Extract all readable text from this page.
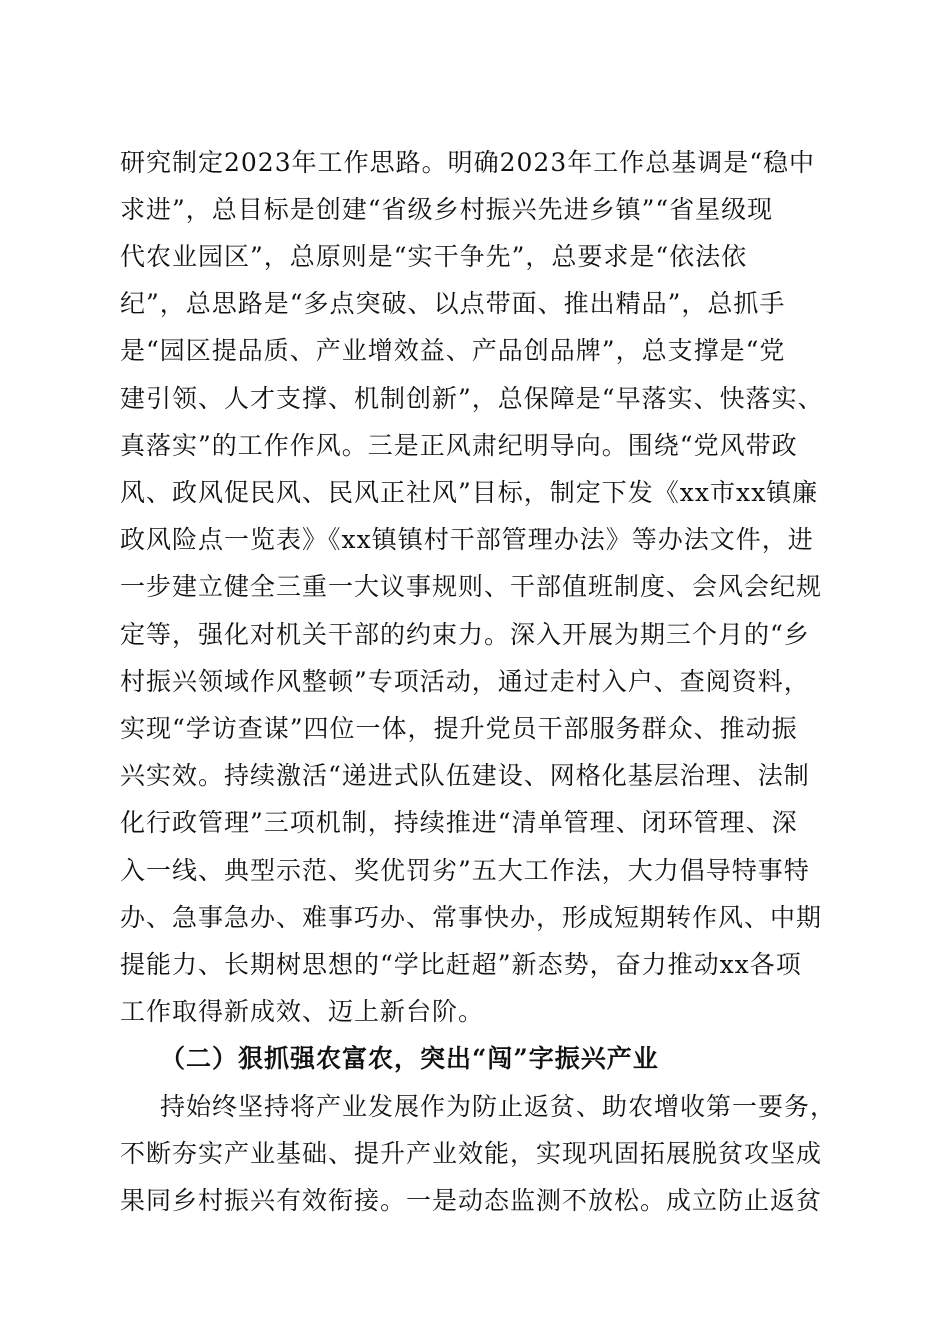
研究制定2023年工作思路。明确2023年工作总基调是“稳中
求进”，总目标是创建“省级乡村振兴先进乡镇”“省星级现
代农业园区”，总原则是“实干争先”，总要求是“依法依
纪”，总思路是“多点突破、以点带面、推出精品”，总抓手
是“园区提品质、产业增效益、产品创品牌”，总支撑是“党
建引领、人才支撑、机制创新”，总保障是“早落实、快落实、
真落实”的工作作风。三是正风肃纪明导向。围绕“党风带政
风、政风促民风、民风正社风”目标，制定下发《xx市xx镇廉
政风险点一览表》《xx镇镇村干部管理办法》等办法文件，进
一步建立健全三重一大议事规则、干部值班制度、会风会纪规
定等，强化对机关干部的约束力。深入开展为期三个月的“乡
村振兴领域作风整顿”专项活动，通过走村入户、查阅资料，
实现“学访查谋”四位一体，提升党员干部服务群众、推动振
兴实效。持续激活“递进式队伍建设、网格化基层治理、法制
化行政管理”三项机制，持续推进“清单管理、闭环管理、深
入一线、典型示范、奖优罚劣”五大工作法，大力倡导特事特
办、急事急办、难事巧办、常事快办，形成短期转作风、中期
提能力、长期树思想的“学比赶超”新态势，奋力推动xx各项
工作取得新成效、迈上新台阶。
（二）狠抓强农富农，突出“闯”字振兴产业
持始终坚持将产业发展作为防止返贫、助农增收第一要务，
不断夯实产业基础、提升产业效能，实现巩固拓展脱贫攻坚成
果同乡村振兴有效衔接。一是动态监测不放松。成立防止返贫
